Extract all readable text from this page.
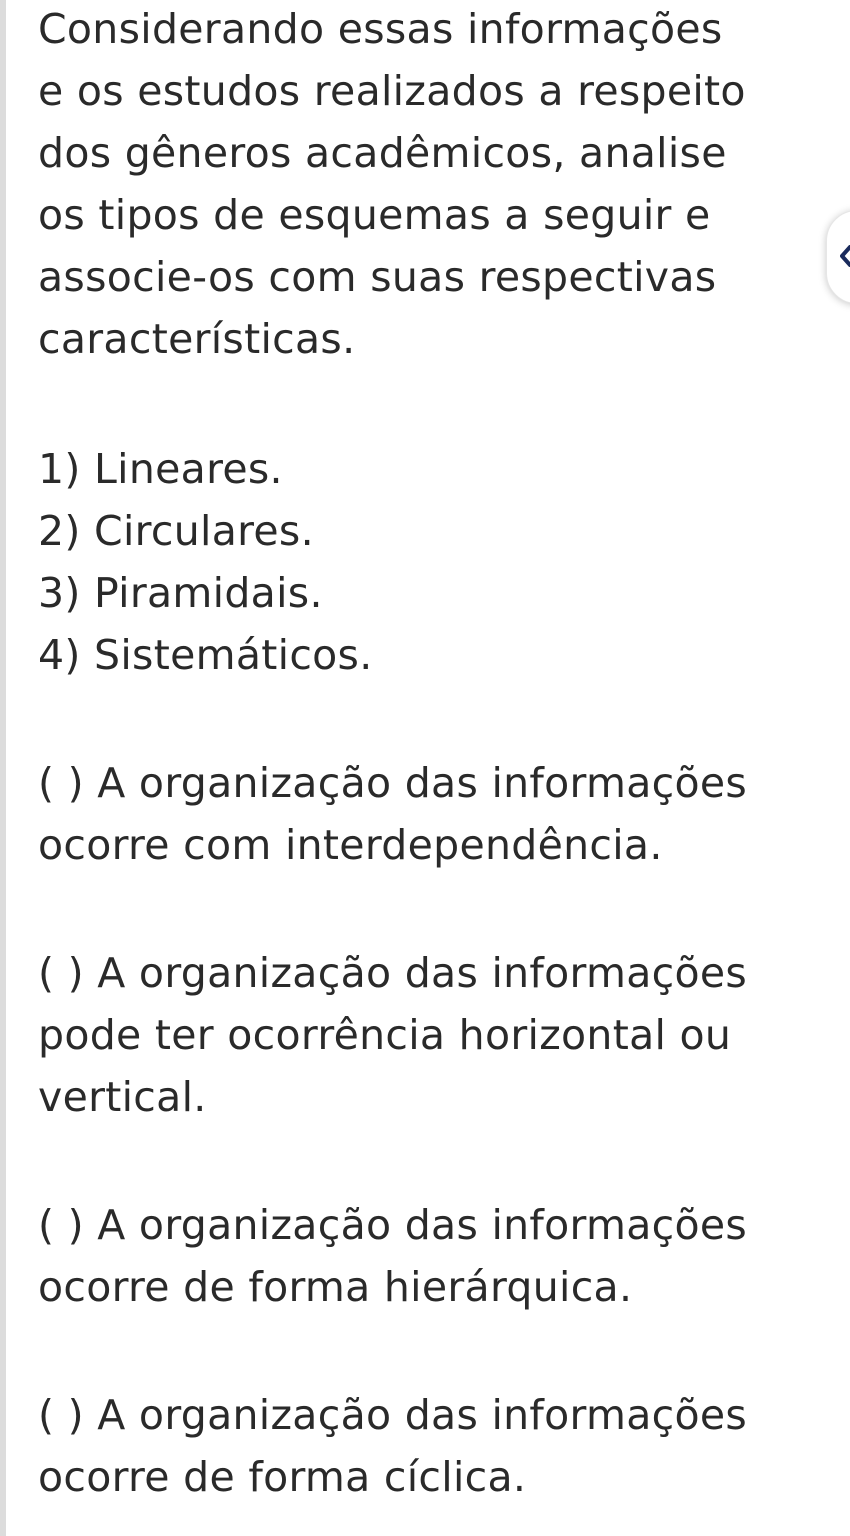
Considerando essas informações
e os estudos realizados a respeito
dos gêneros acadêmicos, analise
os tipos de esquemas a seguir e
associe-os com suas respectivas
características.
1) Lineares.
2) Circulares.
3) Piramidais.
4) Sistemáticos.
( ) A organização das informações
ocorre com interdependência.
( ) A organização das informações
pode ter ocorrência horizontal ou
vertical.
( ) A organização das informações
ocorre de forma hierárquica.
( ) A organização das informações
ocorre de forma cíclica.
